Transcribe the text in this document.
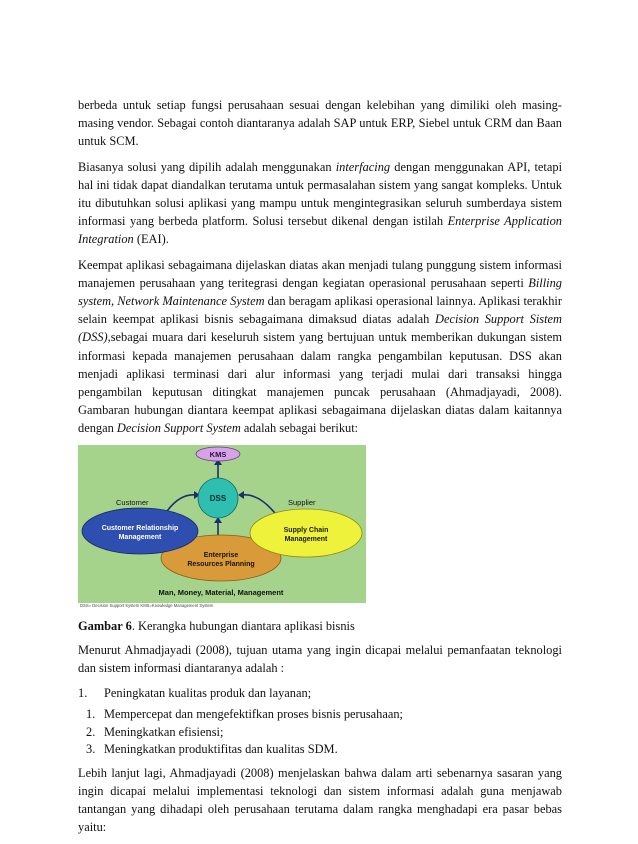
berbeda untuk setiap fungsi perusahaan sesuai dengan kelebihan yang dimiliki oleh masing-masing vendor. Sebagai contoh diantaranya adalah SAP untuk ERP, Siebel untuk CRM dan Baan untuk SCM.

Biasanya solusi yang dipilih adalah menggunakan interfacing dengan menggunakan API, tetapi hal ini tidak dapat diandalkan terutama untuk permasalahan sistem yang sangat kompleks. Untuk itu dibutuhkan solusi aplikasi yang mampu untuk mengintegrasikan seluruh sumberdaya sistem informasi yang berbeda platform. Solusi tersebut dikenal dengan istilah Enterprise Application Integration (EAI).

Keempat aplikasi sebagaimana dijelaskan diatas akan menjadi tulang punggung sistem informasi manajemen perusahaan yang teritegrasi dengan kegiatan operasional perusahaan seperti Billing system, Network Maintenance System dan beragam aplikasi operasional lainnya. Aplikasi terakhir selain keempat aplikasi bisnis sebagaimana dimaksud diatas adalah Decision Support Sistem (DSS),sebagai muara dari keseluruh sistem yang bertujuan untuk memberikan dukungan sistem informasi kepada manajemen perusahaan dalam rangka pengambilan keputusan. DSS akan menjadi aplikasi terminasi dari alur informasi yang terjadi mulai dari transaksi hingga pengambilan keputusan ditingkat manajemen puncak perusahaan (Ahmadjayadi, 2008). Gambaran hubungan diantara keempat aplikasi sebagaimana dijelaskan diatas dalam kaitannya dengan Decision Support System adalah sebagai berikut:

KMS
Enterprise
Resources Planning
Customer Relationship
Management
Supply Chain
Management
DSS
Customer	Supplier
Man, Money, Material, Management
DSS= Decision Support System KMS=Knowledge Management System

Gambar 6. Kerangka hubungan diantara aplikasi bisnis

Menurut Ahmadjayadi (2008), tujuan utama yang ingin dicapai melalui pemanfaatan teknologi dan sistem informasi diantaranya adalah :

1.	Peningkatan kualitas produk dan layanan;
1. Mempercepat dan mengefektifkan proses bisnis perusahaan;
2. Meningkatkan efisiensi;
3. Meningkatkan produktifitas dan kualitas SDM.

Lebih lanjut lagi, Ahmadjayadi (2008) menjelaskan bahwa dalam arti sebenarnya sasaran yang ingin dicapai melalui implementasi teknologi dan sistem informasi adalah guna menjawab tantangan yang dihadapi oleh perusahaan terutama dalam rangka menghadapi era pasar bebas yaitu:
